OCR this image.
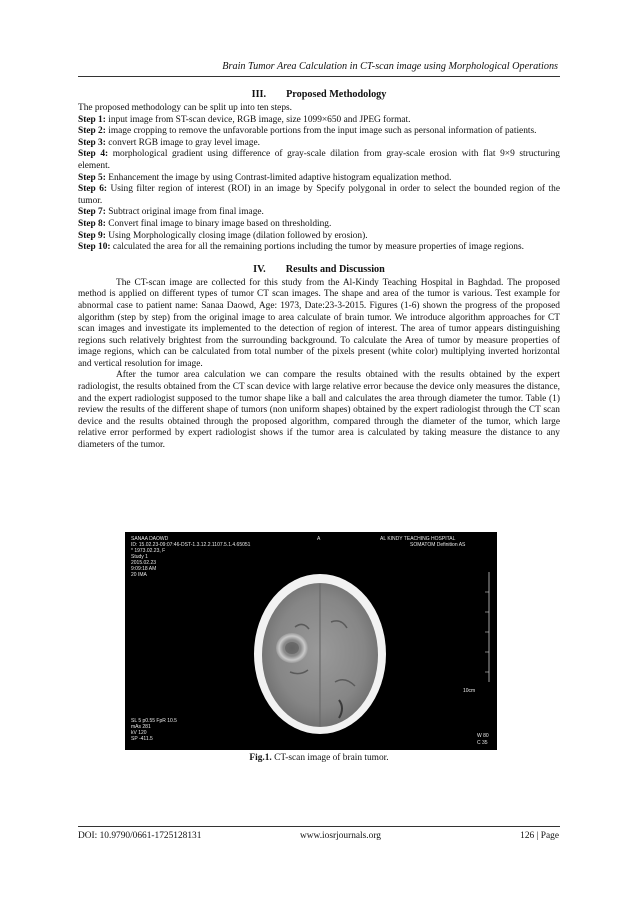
Brain Tumor Area Calculation in CT-scan image using Morphological Operations
III. Proposed Methodology

The proposed methodology can be split up into ten steps.

Step 1: input image from ST-scan device, RGB image, size 1099×650 and JPEG format.

Step 2: image cropping to remove the unfavorable portions from the input image such as personal information of patients.

Step 3: convert RGB image to gray level image.

Step 4: morphological gradient using difference of gray-scale dilation from gray-scale erosion with flat 9×9 structuring element.

Step 5: Enhancement the image by using Contrast-limited adaptive histogram equalization method.

Step 6: Using filter region of interest (ROI) in an image by Specify polygonal in order to select the bounded region of the tumor.

Step 7: Subtract original image from final image.

Step 8: Convert final image to binary image based on thresholding.

Step 9: Using Morphologically closing image (dilation followed by erosion).

Step 10: calculated the area for all the remaining portions including the tumor by measure properties of image regions.

IV. Results and Discussion

The CT-scan image are collected for this study from the Al-Kindy Teaching Hospital in Baghdad. The proposed method is applied on different types of tumor CT scan images. The shape and area of the tumor is various. Test example for abnormal case to patient name: Sanaa Daowd, Age: 1973, Date:23-3-2015. Figures (1-6) shown the progress of the proposed algorithm (step by step) from the original image to area calculate of brain tumor. We introduce algorithm approaches for CT scan images and investigate its implemented to the detection of region of interest. The area of tumor appears distinguishing regions such relatively brightest from the surrounding background. To calculate the Area of tumor by measure properties of image regions, which can be calculated from total number of the pixels present (white color) multiplying inverted horizontal and vertical resolution for image.

After the tumor area calculation we can compare the results obtained with the results obtained by the expert radiologist, the results obtained from the CT scan device with large relative error because the device only measures the distance, and the expert radiologist supposed to the tumor shape like a ball and calculates the area through diameter the tumor. Table (1) review the results of the different shape of tumors (non uniform shapes) obtained by the expert radiologist through the CT scan device and the results obtained through the proposed algorithm, compared through the diameter of the tumor, which large relative error performed by expert radiologist shows if the tumor area is calculated by taking measure the distance to any diameters of the tumor.

SANAA DAOWD
ID: 15.02.23-09:07:46-DST-1.3.12.2.1107.5.1.4.65051
* 1973.02.23, F
Study 1
2015.02.23
9:09:18 AM
20 IMA
A	AL KINDY TEACHING HOSPITAL
SOMATOM Definition AS
10cm
SL 5 p0.55 FpR 10.5
mAs 281
kV 120
SP -411.5	W 80
C 35
Fig.1. CT-scan image of brain tumor.
DOI: 10.9790/0661-1725128131	www.iosrjournals.org	126 | Page
